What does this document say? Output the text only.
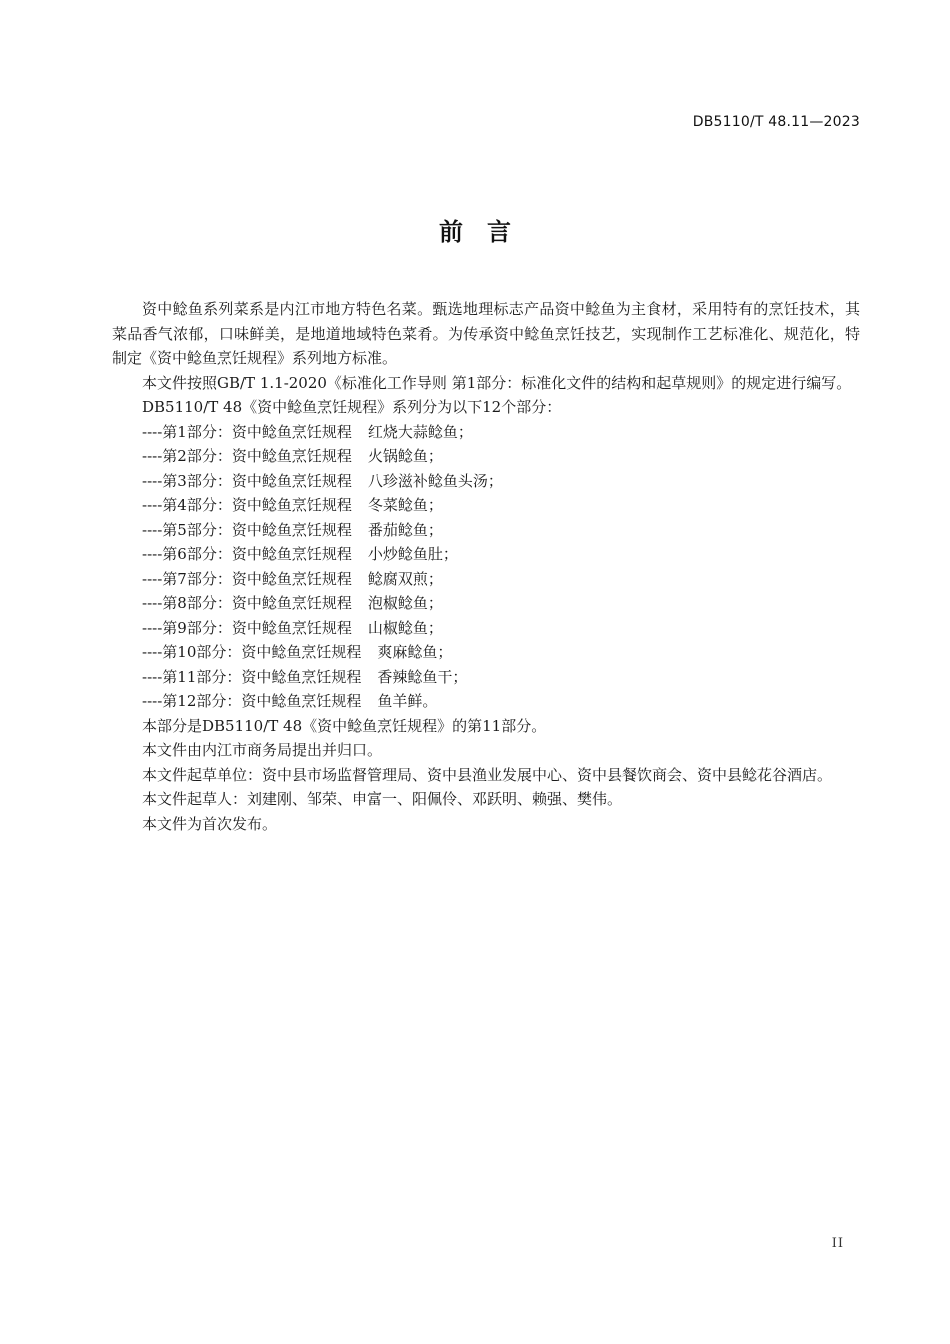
DB5110/T 48.11—2023
前言

资中鲶鱼系列菜系是内江市地方特色名菜。甄选地理标志产品资中鲶鱼为主食材，采用特有的烹饪技术，其菜品香气浓郁，口味鲜美，是地道地域特色菜肴。为传承资中鲶鱼烹饪技艺，实现制作工艺标准化、规范化，特制定《资中鲶鱼烹饪规程》系列地方标准。

本文件按照GB/T 1.1-2020《标准化工作导则 第1部分：标准化文件的结构和起草规则》的规定进行编写。

DB5110/T 48《资中鲶鱼烹饪规程》系列分为以下12个部分：

----第1部分：资中鲶鱼烹饪规程 红烧大蒜鲶鱼；

----第2部分：资中鲶鱼烹饪规程 火锅鲶鱼；

----第3部分：资中鲶鱼烹饪规程 八珍滋补鲶鱼头汤；

----第4部分：资中鲶鱼烹饪规程 冬菜鲶鱼；

----第5部分：资中鲶鱼烹饪规程 番茄鲶鱼；

----第6部分：资中鲶鱼烹饪规程 小炒鲶鱼肚；

----第7部分：资中鲶鱼烹饪规程 鲶腐双煎；

----第8部分：资中鲶鱼烹饪规程 泡椒鲶鱼；

----第9部分：资中鲶鱼烹饪规程 山椒鲶鱼；

----第10部分：资中鲶鱼烹饪规程 爽麻鲶鱼；

----第11部分：资中鲶鱼烹饪规程 香辣鲶鱼干；

----第12部分：资中鲶鱼烹饪规程 鱼羊鲜。

本部分是DB5110/T 48《资中鲶鱼烹饪规程》的第11部分。

本文件由内江市商务局提出并归口。

本文件起草单位：资中县市场监督管理局、资中县渔业发展中心、资中县餐饮商会、资中县鲶花谷酒店。

本文件起草人：刘建刚、邹荣、申富一、阳佩伶、邓跃明、赖强、樊伟。

本文件为首次发布。

II
